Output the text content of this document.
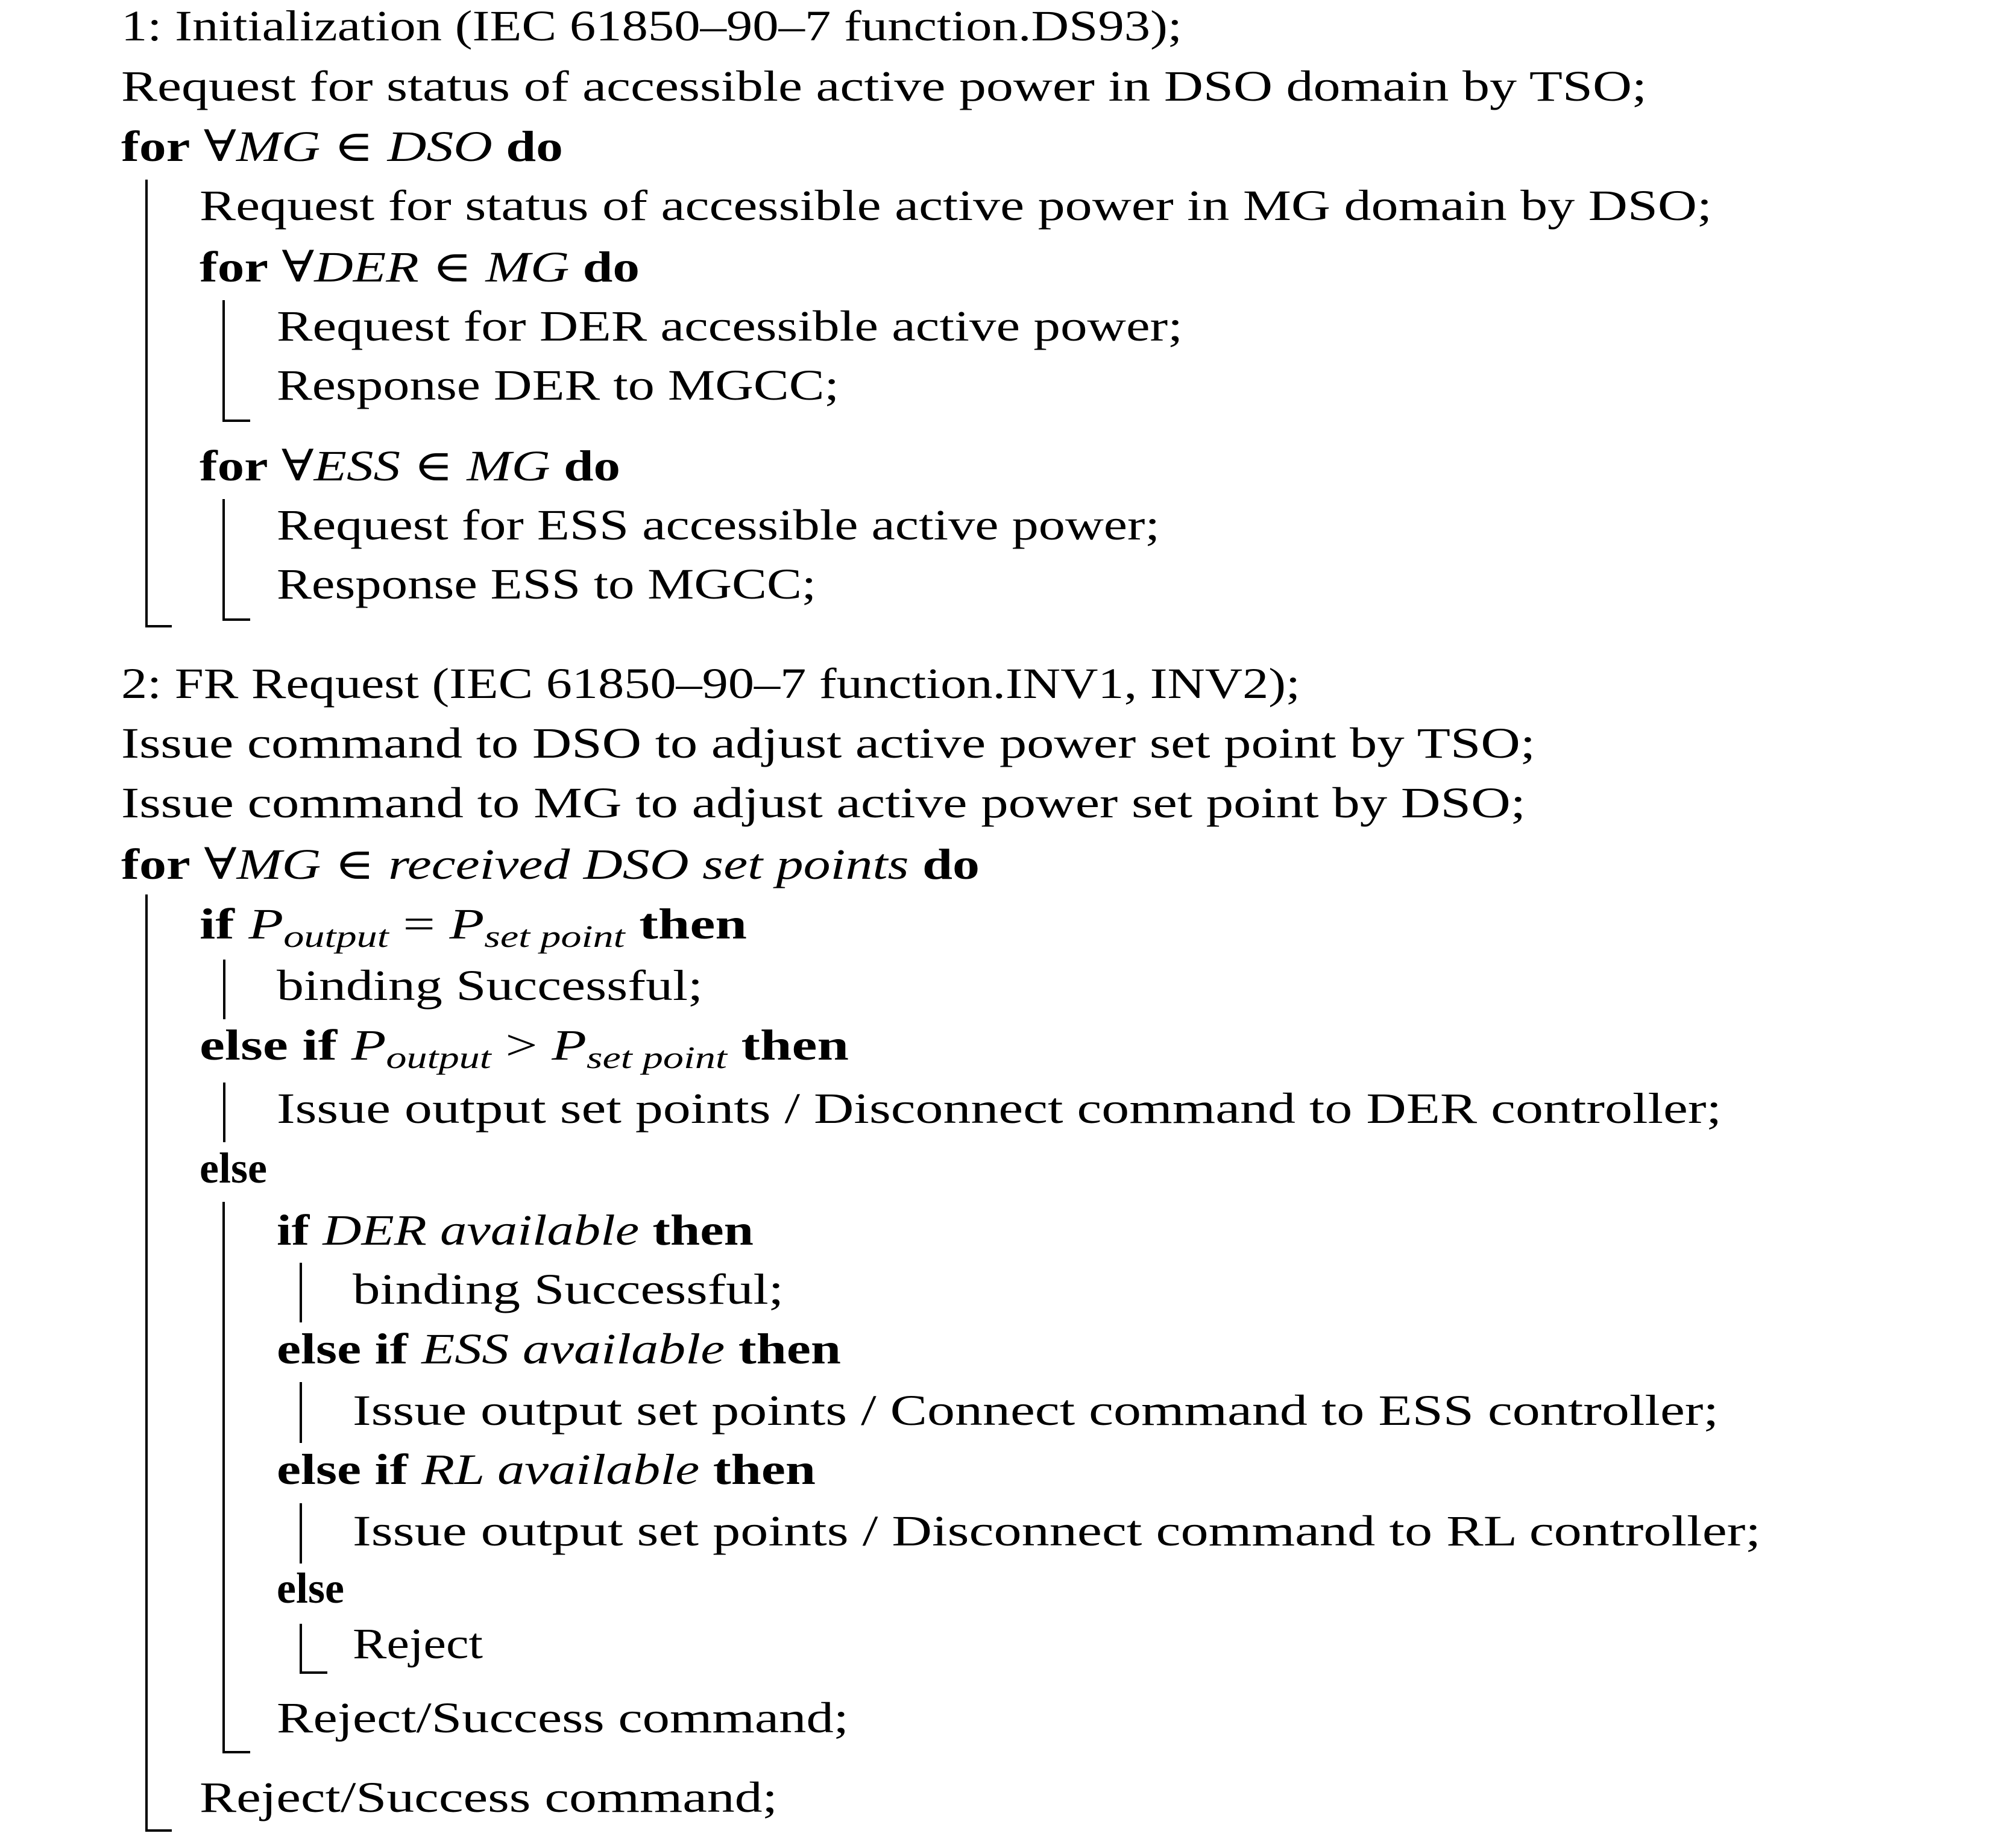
1: Initialization (IEC 61850–90–7 function.DS93);
Request for status of accessible active power in DSO domain by TSO;
for ∀MG ∈ DSO do
Request for status of accessible active power in MG domain by DSO;
for ∀DER ∈ MG do
Request for DER accessible active power;
Response DER to MGCC;
for ∀ESS ∈ MG do
Request for ESS accessible active power;
Response ESS to MGCC;
2: FR Request (IEC 61850–90–7 function.INV1, INV2);
Issue command to DSO to adjust active power set point by TSO;
Issue command to MG to adjust active power set point by DSO;
for ∀MG ∈ received DSO set points	do
if P output = P set point then
binding Successful;
else if P output > P set point then
Issue output set points / Disconnect command to DER controller;
else
if DER available then
binding Successful;
else if ESS available then
Issue output set points / Connect command to ESS controller;
else if RL available then
Issue output set points / Disconnect command to RL controller;
else
Reject
Reject/Success command;
Reject/Success command;
